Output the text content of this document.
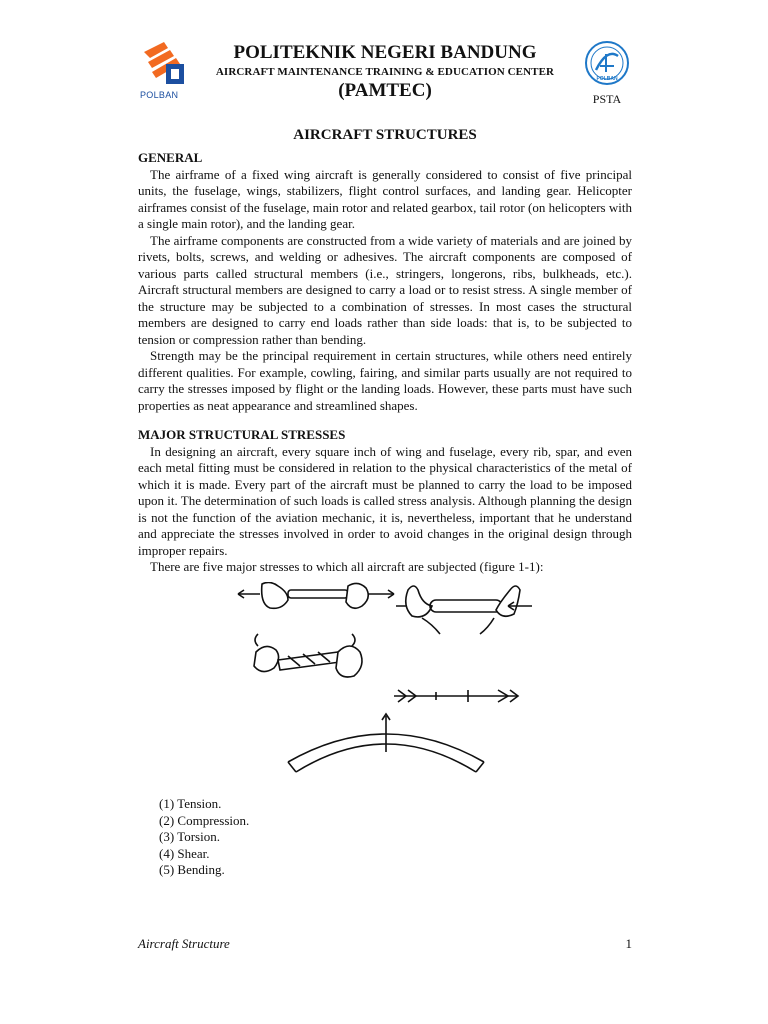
POLBAN
POLITEKNIK NEGERI BANDUNG
AIRCRAFT MAINTENANCE TRAINING & EDUCATION CENTER
(PAMTEC)
POLBAN
PSTA
AIRCRAFT STRUCTURES
GENERAL

The airframe of a fixed wing aircraft is generally considered to consist of five principal units, the fuselage, wings, stabilizers, flight control surfaces, and landing gear. Helicopter airframes consist of the fuselage, main rotor and related gearbox, tail rotor (on helicopters with a single main rotor), and the landing gear.

The airframe components are constructed from a wide variety of materials and are joined by rivets, bolts, screws, and welding or adhesives. The aircraft components are composed of various parts called structural members (i.e., stringers, longerons, ribs, bulkheads, etc.). Aircraft structural members are designed to carry a load or to resist stress. A single member of the structure may be subjected to a combination of stresses. In most cases the structural members are designed to carry end loads rather than side loads: that is, to be subjected to tension or compression rather than bending.

Strength may be the principal requirement in certain structures, while others need entirely different qualities. For example, cowling, fairing, and similar parts usually are not required to carry the stresses imposed by flight or the landing loads. However, these parts must have such properties as neat appearance and streamlined shapes.

MAJOR STRUCTURAL STRESSES

In designing an aircraft, every square inch of wing and fuselage, every rib, spar, and even each metal fitting must be considered in relation to the physical characteristics of the metal of which it is made. Every part of the aircraft must be planned to carry the load to be imposed upon it. The determination of such loads is called stress analysis. Although planning the design is not the function of the aviation mechanic, it is, nevertheless, important that he understand and appreciate the stresses involved in order to avoid changes in the original design through improper repairs.

There are five major stresses to which all aircraft are subjected (figure 1-1):

(1) Tension.
(2) Compression.
(3) Torsion.
(4) Shear.
(5) Bending.
Aircraft Structure	1
